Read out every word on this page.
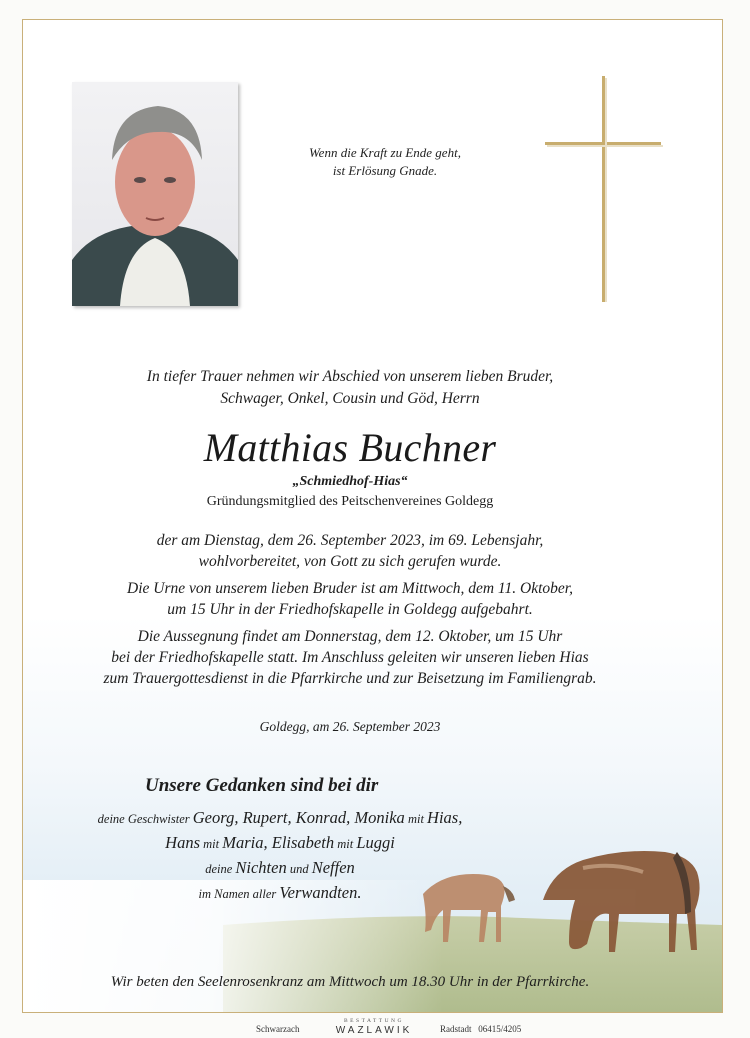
Wenn die Kraft zu Ende geht,
ist Erlösung Gnade.
In tiefer Trauer nehmen wir Abschied von unserem lieben Bruder,
Schwager, Onkel, Cousin und Göd, Herrn
Matthias Buchner
„Schmiedhof-Hias“
Gründungsmitglied des Peitschenvereines Goldegg
der am Dienstag, dem 26. September 2023, im 69. Lebensjahr,
wohlvorbereitet, von Gott zu sich gerufen wurde.
Die Urne von unserem lieben Bruder ist am Mittwoch, dem 11. Oktober,
um 15 Uhr in der Friedhofskapelle in Goldegg aufgebahrt.
Die Aussegnung findet am Donnerstag, dem 12. Oktober, um 15 Uhr
bei der Friedhofskapelle statt. Im Anschluss geleiten wir unseren lieben Hias
zum Trauergottesdienst in die Pfarrkirche und zur Beisetzung im Familiengrab.
Goldegg, am 26. September 2023
Unsere Gedanken sind bei dir
deine Geschwister Georg, Rupert, Konrad, Monika mit Hias,
Hans mit Maria, Elisabeth mit Luggi
deine Nichten und Neffen
im Namen aller Verwandten.
Wir beten den Seelenrosenkranz am Mittwoch um 18.30 Uhr in der Pfarrkirche.
Schwarzach
BESTATTUNG
WAZLAWIK	Radstadt 06415/4205
